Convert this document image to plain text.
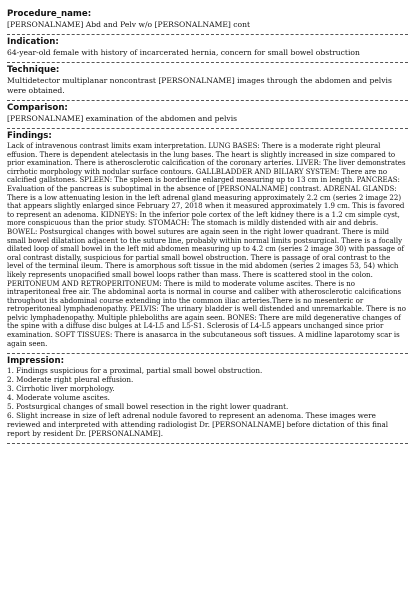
Procedure_name:
[PERSONALNAME] Abd and Pelv w/o [PERSONALNAME] cont
Indication:
64-year-old female with history of incarcerated hernia, concern for small bowel obstruction
Technique:
Multidetector multiplanar noncontrast [PERSONALNAME] images through the abdomen and pelvis were obtained.
Comparison:
[PERSONALNAME] examination of the abdomen and pelvis
Findings:
Lack of intravenous contrast limits exam interpretation. LUNG BASES: There is a moderate right pleural effusion. There is dependent atelectasis in the lung bases. The heart is slightly increased in size compared to prior examination. There is atherosclerotic calcification of the coronary arteries. LIVER: The liver demonstrates cirrhotic morphology with nodular surface contours. GALLBLADDER AND BILIARY SYSTEM: There are no calcified gallstones. SPLEEN: The spleen is borderline enlarged measuring up to 13 cm in length. PANCREAS: Evaluation of the pancreas is suboptimal in the absence of [PERSONALNAME] contrast. ADRENAL GLANDS: There is a low attenuating lesion in the left adrenal gland measuring approximately 2.2 cm (series 2 image 22) that appears slightly enlarged since February 27, 2018 when it measured approximately 1.9 cm. This is favored to represent an adenoma. KIDNEYS: In the inferior pole cortex of the left kidney there is a 1.2 cm simple cyst, more conspicuous than the prior study. STOMACH: The stomach is mildly distended with air and debris. BOWEL: Postsurgical changes with bowel sutures are again seen in the right lower quadrant. There is mild small bowel dilatation adjacent to the suture line, probably within normal limits postsurgical. There is a focally dilated loop of small bowel in the left mid abdomen measuring up to 4.2 cm (series 2 image 30) with passage of oral contrast distally, suspicious for partial small bowel obstruction. There is passage of oral contrast to the level of the terminal ileum. There is amorphous soft tissue in the mid abdomen (series 2 images 53, 54) which likely represents unopacified small bowel loops rather than mass. There is scattered stool in the colon.
PERITONEUM AND RETROPERITONEUM: There is mild to moderate volume ascites. There is no intraperitoneal free air. The abdominal aorta is normal in course and caliber with atherosclerotic calcifications throughout its abdominal course extending into the common iliac arteries.There is no mesenteric or retroperitoneal lymphadenopathy. PELVIS: The urinary bladder is well distended and unremarkable. There is no pelvic lymphadenopathy. Multiple phleboliths are again seen. BONES: There are mild degenerative changes of the spine with a diffuse disc bulges at L4-L5 and L5-S1. Sclerosis of L4-L5 appears unchanged since prior examination. SOFT TISSUES: There is anasarca in the subcutaneous soft tissues. A midline laparotomy scar is again seen.
Impression:
1. Findings suspicious for a proximal, partial small bowel obstruction.
2. Moderate right pleural effusion.
3. Cirrhotic liver morphology.
4. Moderate volume ascites.
5. Postsurgical changes of small bowel resection in the right lower quadrant.
6. Slight increase in size of left adrenal nodule favored to represent an adenoma. These images were reviewed and interpreted with attending radiologist Dr. [PERSONALNAME] before dictation of this final report by resident Dr. [PERSONALNAME].
